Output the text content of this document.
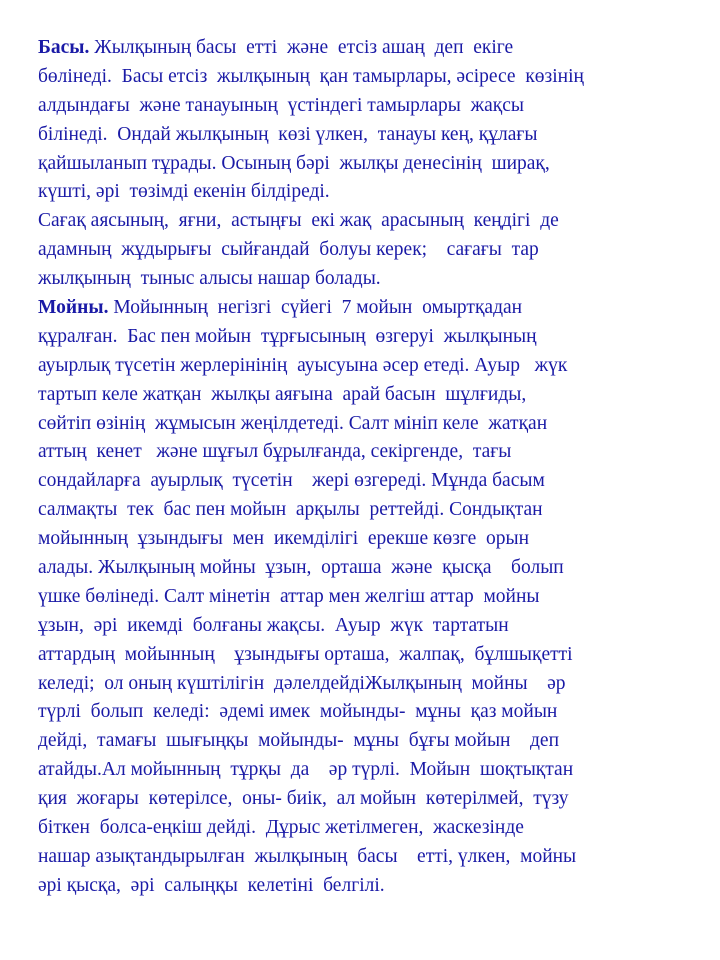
Басы. Жылқының басы  етті  және  етсіз ашаң  деп  екіге
бөлінеді.  Басы етсіз  жылқының  қан тамырлары, әсіресе  көзінің
алдындағы  және танауының  үстіндегі тамырлары  жақсы
білінеді.  Ондай жылқының  көзі үлкен,  танауы кең, құлағы
қайшыланып тұрады. Осының бәрі  жылқы денесінің  ширақ,
күшті, әрі  төзімді екенін білдіреді.
Сағақ аясының,  яғни,  астыңғы  екі жақ  арасының  кеңдігі  де
адамның  жұдырығы  сыйғандай  болуы керек;    сағағы  тар
жылқының  тыныс алысы нашар болады.
Мойны. Мойынның  негізгі  сүйегі  7 мойын  омыртқадан
құралған.  Бас пен мойын  тұрғысының  өзгеруі  жылқының
ауырлық түсетін жерлерінінің  ауысуына әсер етеді. Ауыр   жүк
тартып келе жатқан  жылқы аяғына  арай басын  шұлғиды,
сөйтіп өзінің  жұмысын жеңілдетеді. Салт мініп келе  жатқан
аттың  кенет   және шұғыл бұрылғанда, секіргенде,  тағы
сондайларға  ауырлық  түсетін    жері өзгереді. Мұнда басым
салмақты  тек  бас пен мойын  арқылы  реттейді. Сондықтан
мойынның  ұзындығы  мен  икемділігі  ерекше көзге  орын
алады. Жылқының мойны  ұзын,  орташа  және  қысқа    болып
үшке бөлінеді. Салт мінетін  аттар мен желгіш аттар  мойны
ұзын,  әрі  икемді  болғаны жақсы.  Ауыр  жүк  тартатын
аттардың  мойынның    ұзындығы орташа,  жалпақ,  бұлшықетті
келеді;  ол оның күштілігін  дәлелдейдіЖылқының  мойны    әр
түрлі  болып  келеді:  әдемі имек  мойынды-  мұны  қаз мойын
дейді,  тамағы  шығыңқы  мойынды-  мұны  бұғы мойын    деп
атайды.Ал мойынның  тұрқы  да    әр түрлі.  Мойын  шоқтықтан
қия  жоғары  көтерілсе,  оны- биік,  ал мойын  көтерілмей,  түзу
біткен  болса-еңкіш дейді.  Дұрыс жетілмеген,  жаскезінде
нашар азықтандырылған  жылқының  басы    етті, үлкен,  мойны
әрі қысқа,  әрі  салыңқы  келетіні  белгілі.
